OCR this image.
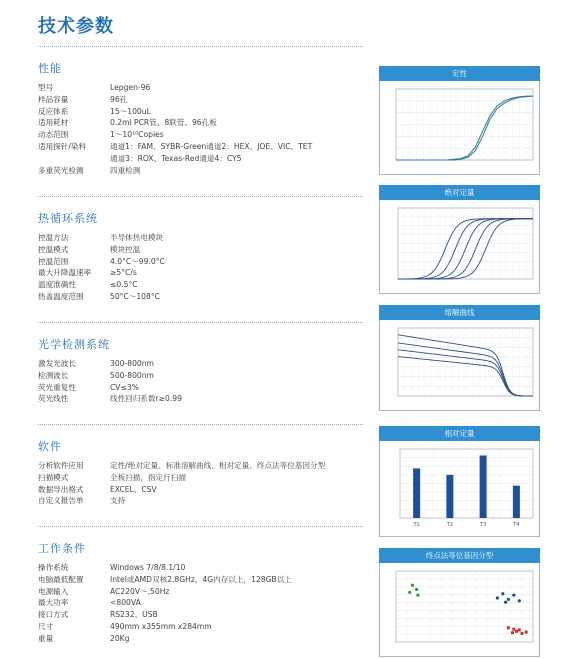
技术参数
性能
型号	Lepgen-96
样品容量	96孔
反应体系	15～100uL
适用耗材	0.2ml PCR管、8联管、96孔板
动态范围	1～10¹⁰Copies
适用探针/染料	通道1：FAM、SYBR-Green通道2：HEX、JOE、VIC、TET
通道3：ROX、Texas-Red通道4：CY5
多重荧光检测	四重检测
热循环系统
控温方法	半导体热电模块
控温模式	模块控温
控温范围	4.0°C～99.0°C
最大升降温速率	≥5°C/s
温度准确性	≤0.5°C
热盖温度范围	50°C～108°C
光学检测系统
激发光波长	300-800nm
检测波长	500-800nm
荧光重复性	CV≤3%
荧光线性	线性回归系数r≥0.99
软件
分析软件应用	定性/绝对定量、标准溶解曲线、相对定量、终点法等位基因分型
扫描模式	全板扫描，指定行扫描
数据导出格式	EXCEL、CSV
自定义报告单	支持
工作条件
操作系统	Windows 7/8/8.1/10
电脑最低配置	Intel或AMD双核2.8GHz，4G内存以上，128GB以上
电源输入	AC220V～,50Hz
最大功率	<800VA
接口方式	RS232、USB
尺寸	490mm x355mm x284mm
重量	20Kg
定性
绝对定量
熔解曲线
相对定量
T1	T2	T3	T4
终点法等位基因分型
